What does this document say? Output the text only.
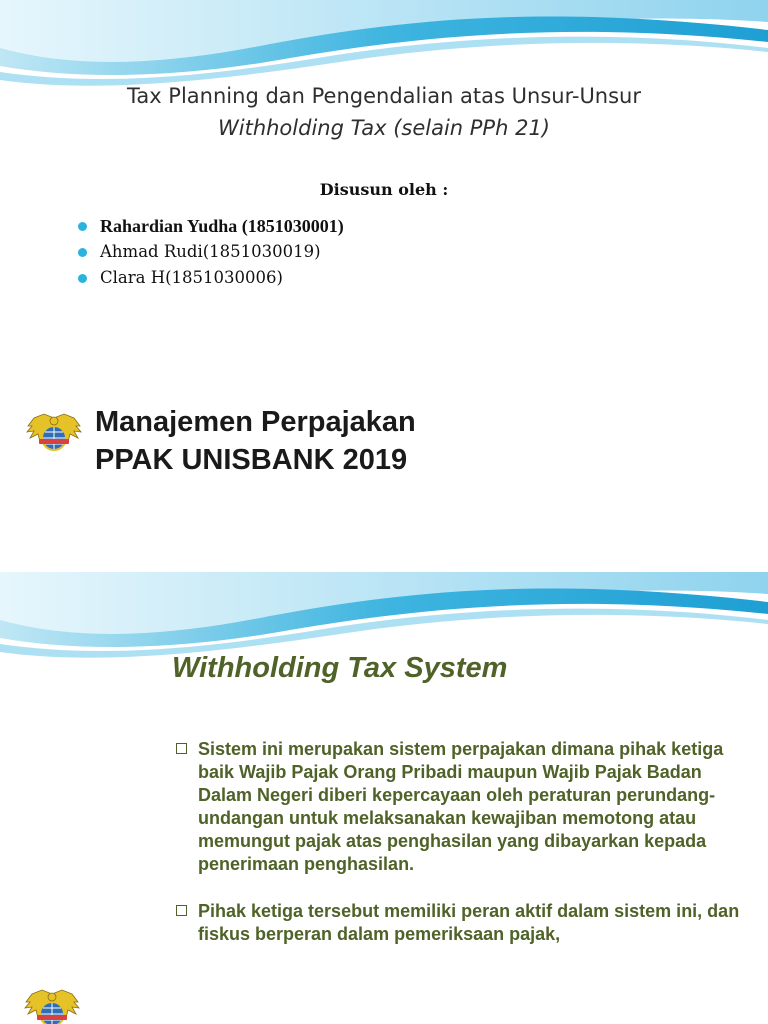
Tax Planning dan Pengendalian atas Unsur-Unsur
Withholding Tax (selain PPh 21)
Disusun oleh :
Rahardian Yudha (1851030001)
Ahmad Rudi(1851030019)
Clara H(1851030006)
Manajemen Perpajakan
PPAK UNISBANK 2019
Withholding Tax System
Sistem ini merupakan sistem perpajakan dimana pihak ketiga baik Wajib Pajak Orang Pribadi maupun Wajib Pajak Badan Dalam Negeri diberi kepercayaan oleh peraturan perundang- undangan untuk melaksanakan kewajiban memotong atau memungut pajak atas penghasilan yang dibayarkan kepada penerimaan penghasilan.
Pihak ketiga tersebut memiliki peran aktif dalam sistem ini, dan fiskus berperan dalam pemeriksaan pajak,
